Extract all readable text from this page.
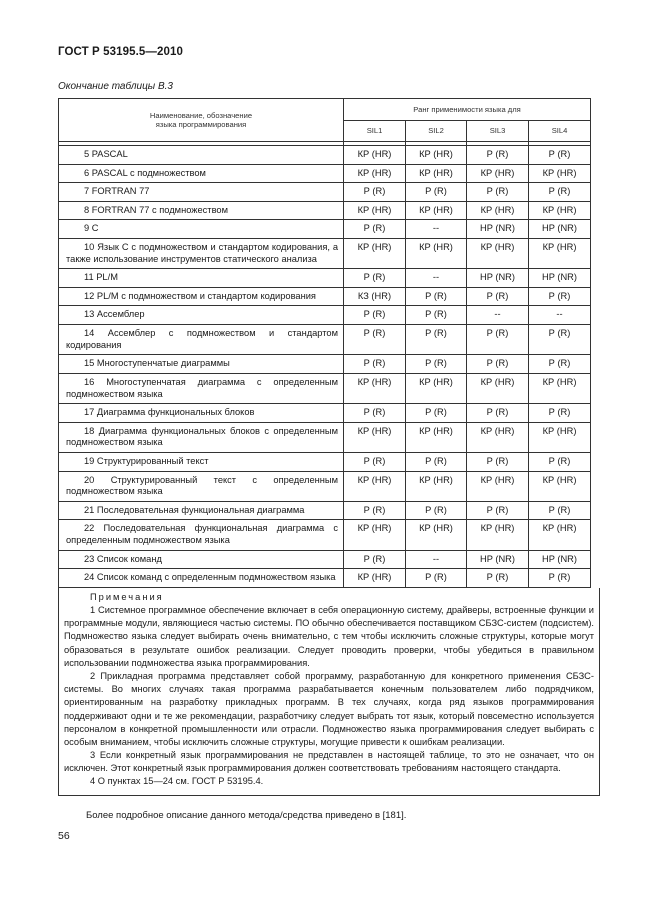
ГОСТ Р 53195.5—2010
Окончание таблицы В.3
Наименование, обозначение
языка программирования	Ранг применимости языка для			
	SIL1	SIL2	SIL3	SIL4

5 PASCAL	КР (HR)	КР (HR)	Р (R)	Р (R)
6 PASCAL с подмножеством	КР (HR)	КР (HR)	КР (HR)	КР (HR)
7 FORTRAN 77	Р (R)	Р (R)	Р (R)	Р (R)
8 FORTRAN 77 с подмножеством	КР (HR)	КР (HR)	КР (HR)	КР (HR)
9 С	Р (R)	--	HP (NR)	HP (NR)
10 Язык С с подмножеством и стандартом кодирования, а также использование инструментов статического анализа	КР (HR)	КР (HR)	КР (HR)	КР (HR)
11 PL/M	Р (R)	--	HP (NR)	HP (NR)
12 PL/M с подмножеством и стандартом кодирования	КЗ (HR)	Р (R)	Р (R)	Р (R)
13 Ассемблер	Р (R)	Р (R)	--	--
14 Ассемблер с подмножеством и стандартом кодирования	Р (R)	Р (R)	Р (R)	Р (R)
15 Многоступенчатые диаграммы	Р (R)	Р (R)	Р (R)	Р (R)
16 Многоступенчатая диаграмма с определенным подмножеством языка	КР (HR)	КР (HR)	КР (HR)	КР (HR)
17 Диаграмма функциональных блоков	Р (R)	Р (R)	Р (R)	Р (R)
18 Диаграмма функциональных блоков с определенным подмножеством языка	КР (HR)	КР (HR)	КР (HR)	КР (HR)
19 Структурированный текст	Р (R)	Р (R)	Р (R)	Р (R)
20 Структурированный текст с определенным подмножеством языка	КР (HR)	КР (HR)	КР (HR)	КР (HR)
21 Последовательная функциональная диаграмма	Р (R)	Р (R)	Р (R)	Р (R)
22 Последовательная функциональная диаграмма с определенным подмножеством языка	КР (HR)	КР (HR)	КР (HR)	КР (HR)
23 Список команд	Р (R)	--	HP (NR)	HP (NR)
24 Список команд с определенным подмножеством языка	КР (HR)	Р (R)	Р (R)	Р (R)

Примечания

1 Системное программное обеспечение включает в себя операционную систему, драйверы, встроенные функции и программные модули, являющиеся частью системы. ПО обычно обеспечивается поставщиком СБЗС-систем (подсистем). Подмножество языка следует выбирать очень внимательно, с тем чтобы исключить сложные структуры, которые могут образоваться в результате ошибок реализации. Следует проводить проверки, чтобы убедиться в правильном использовании подмножества языка программирования.

2 Прикладная программа представляет собой программу, разработанную для конкретного применения СБЗС-системы. Во многих случаях такая программа разрабатывается конечным пользователем либо подрядчиком, ориентированным на разработку прикладных программ. В тех случаях, когда ряд языков программирования поддерживают одни и те же рекомендации, разработчику следует выбрать тот язык, который повсеместно используется персоналом в конкретной промышленности или отрасли. Подмножество языка программирования следует выбирать с особым вниманием, чтобы исключить сложные структуры, могущие привести к ошибкам реализации.

3 Если конкретный язык программирования не представлен в настоящей таблице, то это не означает, что он исключен. Этот конкретный язык программирования должен соответствовать требованиям настоящего стандарта.

4 О пунктах 15—24 см. ГОСТ Р 53195.4.

Более подробное описание данного метода/средства приведено в [181].
56
